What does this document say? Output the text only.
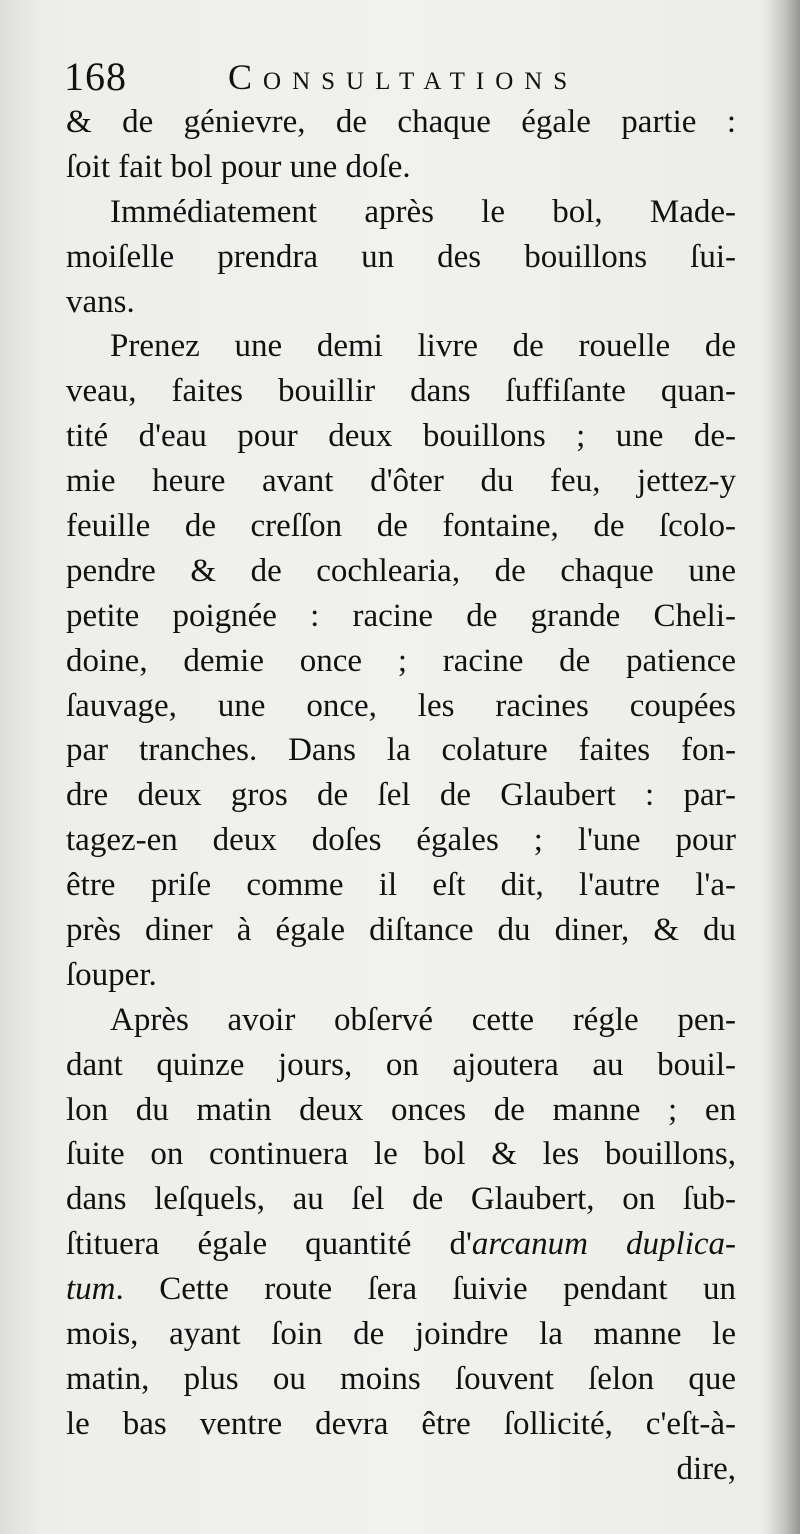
168	Consultations
& de génievre, de chaque égale partie :
ſoit fait bol pour une doſe.
Immédiatement après le bol, Made-
moiſelle prendra un des bouillons ſui-
vans.
Prenez une demi livre de rouelle de
veau, faites bouillir dans ſuffiſante quan-
tité d'eau pour deux bouillons ; une de-
mie heure avant d'ôter du feu, jettez-y
feuille de creſſon de fontaine, de ſcolo-
pendre & de cochlearia, de chaque une
petite poignée : racine de grande Cheli-
doine, demie once ; racine de patience
ſauvage, une once, les racines coupées
par tranches. Dans la colature faites fon-
dre deux gros de ſel de Glaubert : par-
tagez-en deux doſes égales ; l'une pour
être priſe comme il eſt dit, l'autre l'a-
près diner à égale diſtance du diner, & du
ſouper.
Après avoir obſervé cette régle pen-
dant quinze jours, on ajoutera au bouil-
lon du matin deux onces de manne ; en
ſuite on continuera le bol & les bouillons,
dans leſquels, au ſel de Glaubert, on ſub-
ſtituera égale quantité d'arcanum duplica-
tum. Cette route ſera ſuivie pendant un
mois, ayant ſoin de joindre la manne le
matin, plus ou moins ſouvent ſelon que
le bas ventre devra être ſollicité, c'eſt-à-
dire,
